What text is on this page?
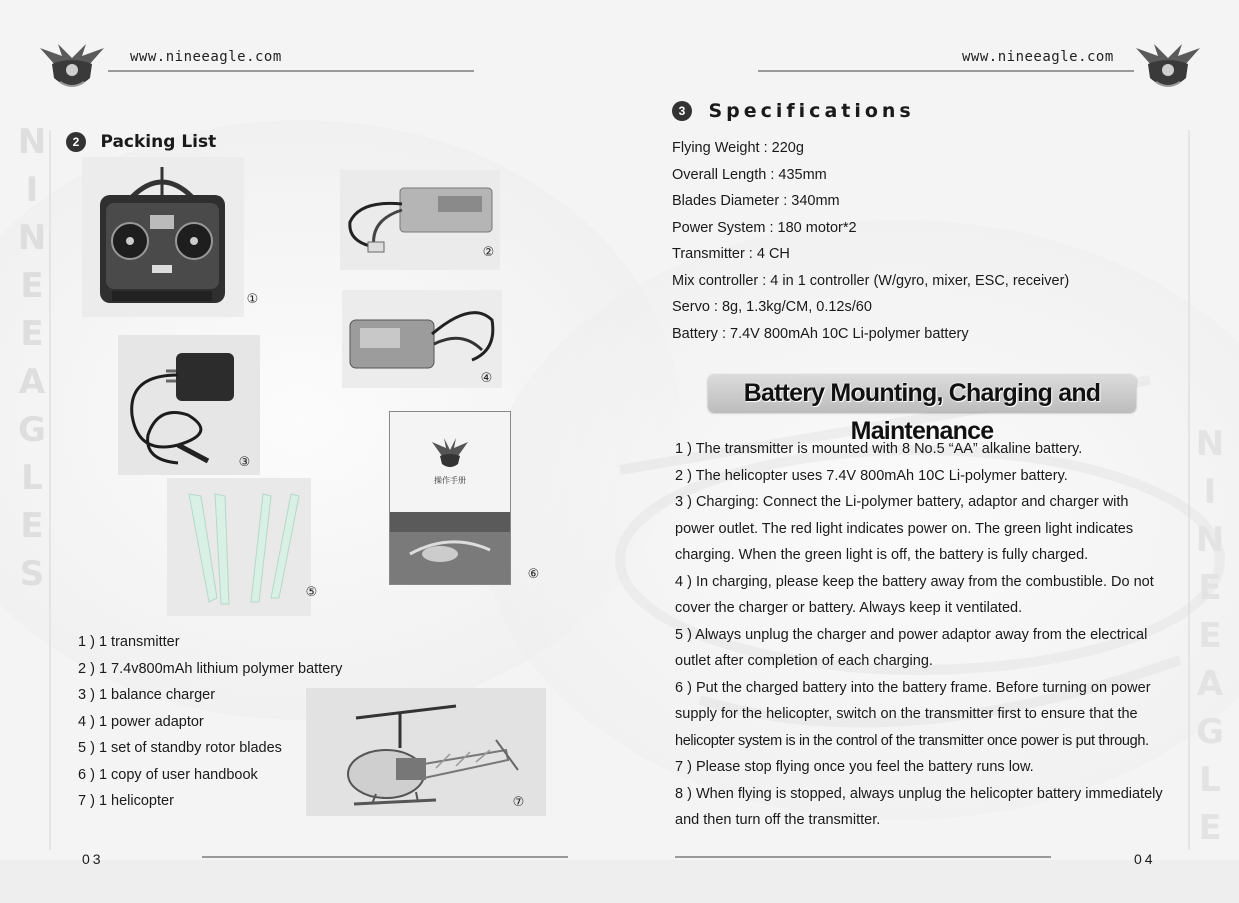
N
I
N
E
E
A
G
L
E
S
N
I
N
E
E
A
G
L
E
www.nineeagle.com	www.nineeagle.com
2 Packing List
①
②
③
④
⑤
操作手册
⑥
1 ) 1 transmitter
2 ) 1 7.4v800mAh lithium polymer battery
3 ) 1 balance charger
4 ) 1 power adaptor
5 ) 1 set of standby rotor blades
6 ) 1 copy of user handbook
7 ) 1 helicopter	⑦
3 Specifications
Flying Weight : 220g
Overall Length : 435mm
Blades Diameter : 340mm
Power System : 180 motor*2
Transmitter : 4 CH
Mix controller : 4 in 1 controller (W/gyro, mixer, ESC, receiver)
Servo : 8g, 1.3kg/CM, 0.12s/60
Battery : 7.4V 800mAh 10C Li-polymer battery
Battery Mounting, Charging and Maintenance
1 ) The transmitter is mounted with 8 No.5 “AA” alkaline battery.
2 ) The helicopter uses 7.4V 800mAh 10C Li-polymer battery.
3 ) Charging: Connect the Li-polymer battery, adaptor and charger with
power outlet. The red light indicates power on. The green light indicates
charging. When the green light is off, the battery is fully charged.
4 ) In charging, please keep the battery away from the combustible. Do not
cover the charger or battery. Always keep it ventilated.
5 ) Always unplug the charger and power adaptor away from the electrical
outlet after completion of each charging.
6 ) Put the charged battery into the battery frame. Before turning on power
supply for the helicopter, switch on the transmitter first to ensure that the
helicopter system is in the control of the transmitter once power is put through.
7 ) Please stop flying once you feel the battery runs low.
8 ) When flying is stopped, always unplug the helicopter battery immediately
and then turn off the transmitter.
03	04
